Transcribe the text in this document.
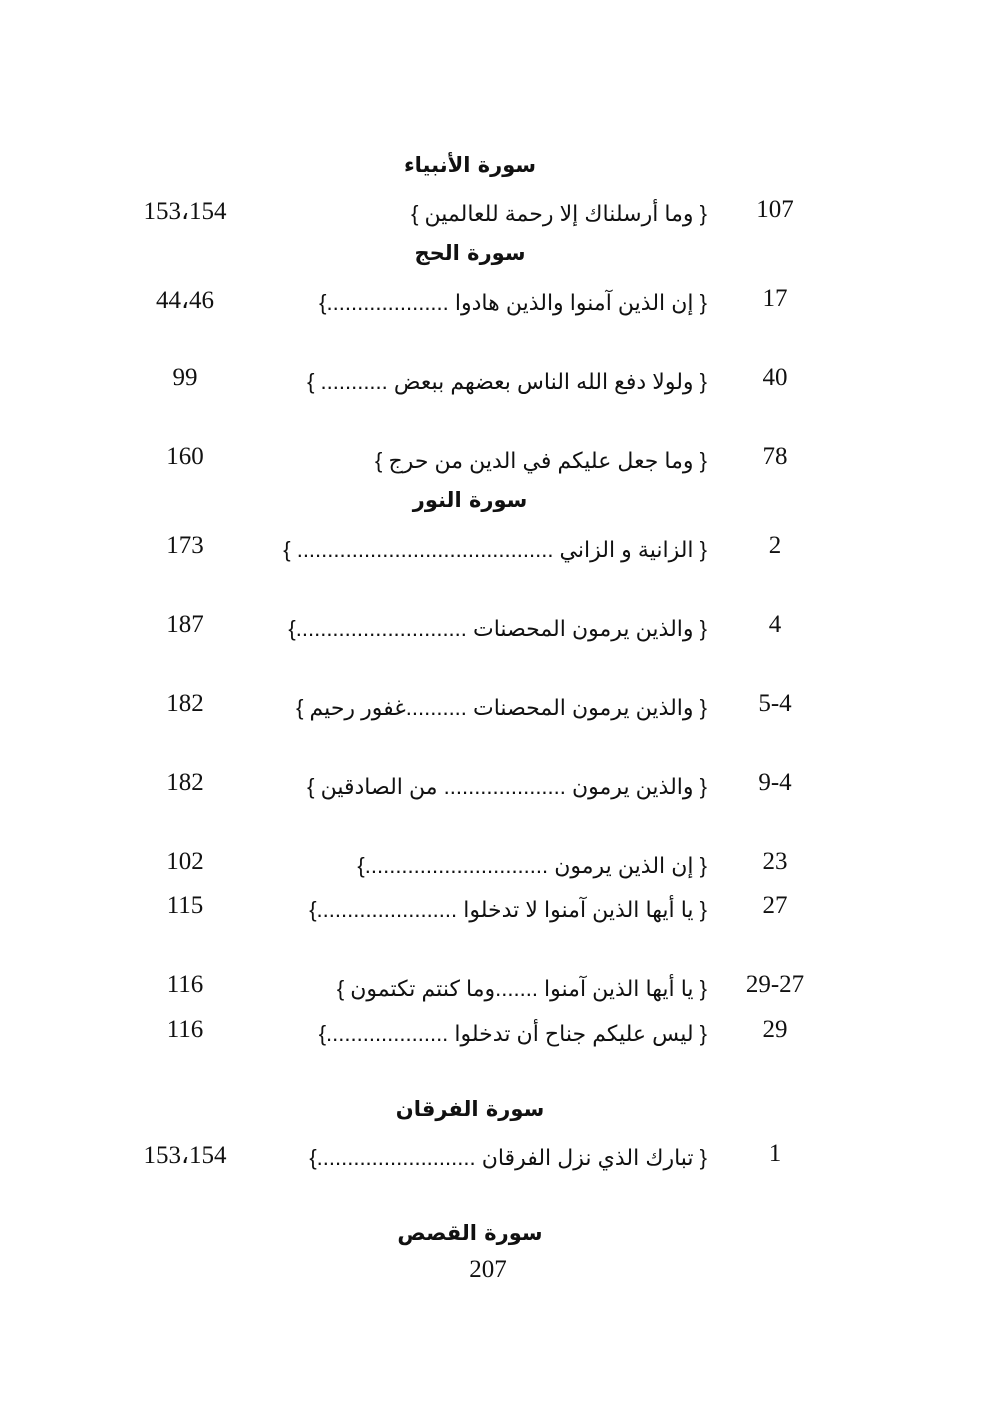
سورة الأنبياء
107
{ وما أرسلناك إلا رحمة للعالمين }
153،154
سورة الحج
17
{ إن الذين آمنوا والذين هادوا ....................}
44،46
40
{ ولولا دفع الله الناس بعضهم ببعض ........... }
99
78
{ وما جعل عليكم في الدين من حرج }
160
سورة النور
2
{ الزانية و الزاني .......................................... }
173
4
{ والذين يرمون المحصنات ............................}
187
5-4
{ والذين يرمون المحصنات ..........غفور رحيم }
182
9-4
{ والذين يرمون .................... من الصادقين }
182
23
{ إن الذين يرمون ..............................}
102
27
{ يا أيها الذين آمنوا لا تدخلوا .......................}
115
29-27
{ يا أيها الذين آمنوا .......وما كنتم تكتمون }
116
29
{ ليس عليكم جناح أن تدخلوا ....................}
116
سورة الفرقان
1
{ تبارك الذي نزل الفرقان ..........................}
153،154
سورة القصص
207
